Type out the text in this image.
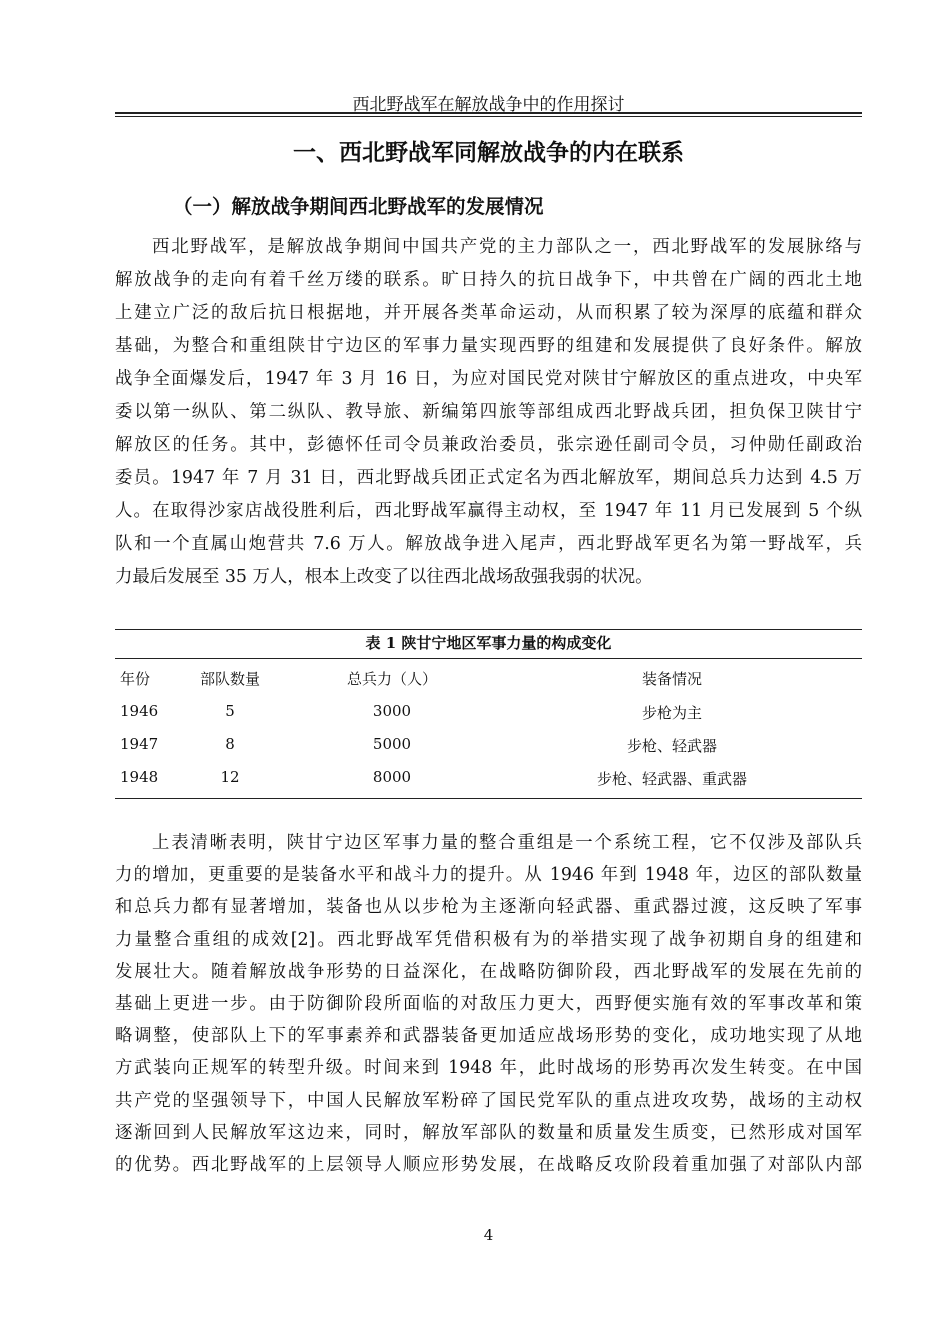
西北野战军在解放战争中的作用探讨
一、西北野战军同解放战争的内在联系
（一）解放战争期间西北野战军的发展情况
西北野战军，是解放战争期间中国共产党的主力部队之一，西北野战军的发展脉络与
解放战争的走向有着千丝万缕的联系。旷日持久的抗日战争下，中共曾在广阔的西北土地
上建立广泛的敌后抗日根据地，并开展各类革命运动，从而积累了较为深厚的底蕴和群众
基础，为整合和重组陕甘宁边区的军事力量实现西野的组建和发展提供了良好条件。解放
战争全面爆发后，1947 年 3 月 16 日，为应对国民党对陕甘宁解放区的重点进攻，中央军
委以第一纵队、第二纵队、教导旅、新编第四旅等部组成西北野战兵团，担负保卫陕甘宁
解放区的任务。其中，彭德怀任司令员兼政治委员，张宗逊任副司令员，习仲勋任副政治
委员。1947 年 7 月 31 日，西北野战兵团正式定名为西北解放军，期间总兵力达到 4.5 万
人。在取得沙家店战役胜利后，西北野战军赢得主动权，至 1947 年 11 月已发展到 5 个纵
队和一个直属山炮营共 7.6 万人。解放战争进入尾声，西北野战军更名为第一野战军，兵
力最后发展至 35 万人，根本上改变了以往西北战场敌强我弱的状况。
表 1 陕甘宁地区军事力量的构成变化
年份	部队数量	总兵力（人）	装备情况
1946	5	3000	步枪为主
1947	8	5000	步枪、轻武器
1948	12	8000	步枪、轻武器、重武器
上表清晰表明，陕甘宁边区军事力量的整合重组是一个系统工程，它不仅涉及部队兵
力的增加，更重要的是装备水平和战斗力的提升。从 1946 年到 1948 年，边区的部队数量
和总兵力都有显著增加，装备也从以步枪为主逐渐向轻武器、重武器过渡，这反映了军事
力量整合重组的成效[2]。西北野战军凭借积极有为的举措实现了战争初期自身的组建和
发展壮大。随着解放战争形势的日益深化，在战略防御阶段，西北野战军的发展在先前的
基础上更进一步。由于防御阶段所面临的对敌压力更大，西野便实施有效的军事改革和策
略调整，使部队上下的军事素养和武器装备更加适应战场形势的变化，成功地实现了从地
方武装向正规军的转型升级。时间来到 1948 年，此时战场的形势再次发生转变。在中国
共产党的坚强领导下，中国人民解放军粉碎了国民党军队的重点进攻攻势，战场的主动权
逐渐回到人民解放军这边来，同时，解放军部队的数量和质量发生质变，已然形成对国军
的优势。西北野战军的上层领导人顺应形势发展，在战略反攻阶段着重加强了对部队内部
4
